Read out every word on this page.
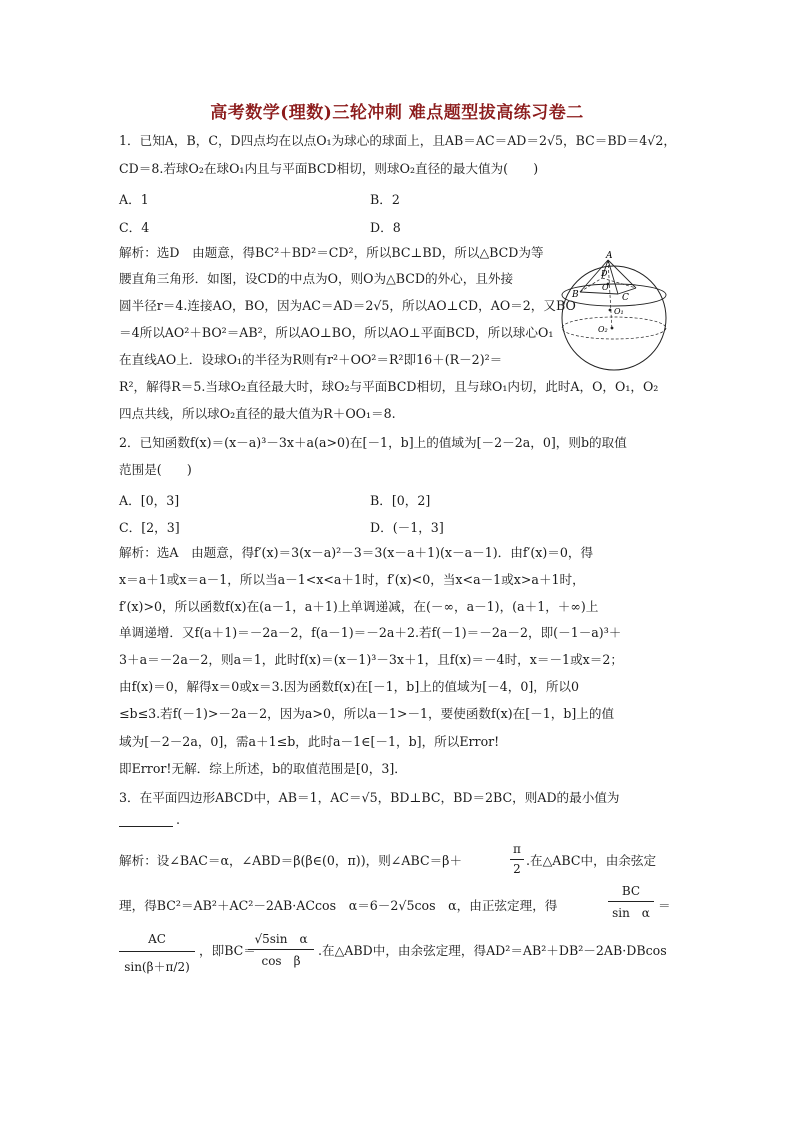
高考数学(理数)三轮冲刺 难点题型拔高练习卷二
1．已知A，B，C，D四点均在以点O₁为球心的球面上，且AB＝AC＝AD＝2√5，BC＝BD＝4√2，
CD＝8.若球O₂在球O₁内且与平面BCD相切，则球O₂直径的最大值为(　　)
A．1	B．2
C．4	D．8
解析：选D　由题意，得BC²＋BD²＝CD²，所以BC⊥BD，所以△BCD为等
腰直角三角形．如图，设CD的中点为O，则O为△BCD的外心，且外接
圆半径r＝4.连接AO，BO，因为AC＝AD＝2√5，所以AO⊥CD，AO＝2，又BO
＝4所以AO²＋BO²＝AB²，所以AO⊥BO，所以AO⊥平面BCD，所以球心O₁
在直线AO上．设球O₁的半径为R则有r²＋OO²＝R²即16＋(R－2)²＝
R²，解得R＝5.当球O₂直径最大时，球O₂与平面BCD相切，且与球O₁内切，此时A，O，O₁，O₂
四点共线，所以球O₂直径的最大值为R＋OO₁＝8.
A
D
O
B	C
O₁
O₂
2．已知函数f(x)＝(x－a)³－3x＋a(a>0)在[－1，b]上的值域为[－2－2a，0]，则b的取值
范围是(　　)
A．[0，3]	B．[0，2]
C．[2，3]	D．(－1，3]
解析：选A　由题意，得f′(x)＝3(x－a)²－3＝3(x－a＋1)(x－a－1)．由f′(x)＝0，得
x＝a＋1或x＝a－1，所以当a－1<x<a＋1时，f′(x)<0，当x<a－1或x>a＋1时，
f′(x)>0，所以函数f(x)在(a－1，a＋1)上单调递减，在(－∞，a－1)，(a＋1，＋∞)上
单调递增．又f(a＋1)＝－2a－2，f(a－1)＝－2a＋2.若f(－1)＝－2a－2，即(－1－a)³＋
3＋a＝－2a－2，则a＝1，此时f(x)＝(x－1)³－3x＋1，且f(x)＝－4时，x＝－1或x＝2；
由f(x)＝0，解得x＝0或x＝3.因为函数f(x)在[－1，b]上的值域为[－4，0]，所以0
≤b≤3.若f(－1)>－2a－2，因为a>0，所以a－1>－1，要使函数f(x)在[－1，b]上的值
域为[－2－2a，0]，需a＋1≤b，此时a－1∈[－1，b]，所以Error!
即Error!无解．综上所述，b的取值范围是[0，3]．
3．在平面四边形ABCD中，AB＝1，AC＝√5，BD⊥BC，BD＝2BC，则AD的最小值为
.
解析：设∠BAC＝α，∠ABD＝β(β∈(0，π))，则∠ABC＝β＋
π
2
.在△ABC中，由余弦定
理，得BC²＝AB²＋AC²－2AB·ACcos　α＝6－2√5cos　α，由正弦定理，得
BC
sin　α ＝
AC
sin(β＋π/2)
，即BC＝
√5sin　α
cos　β
.在△ABD中，由余弦定理，得AD²＝AB²＋DB²－2AB·DBcos
